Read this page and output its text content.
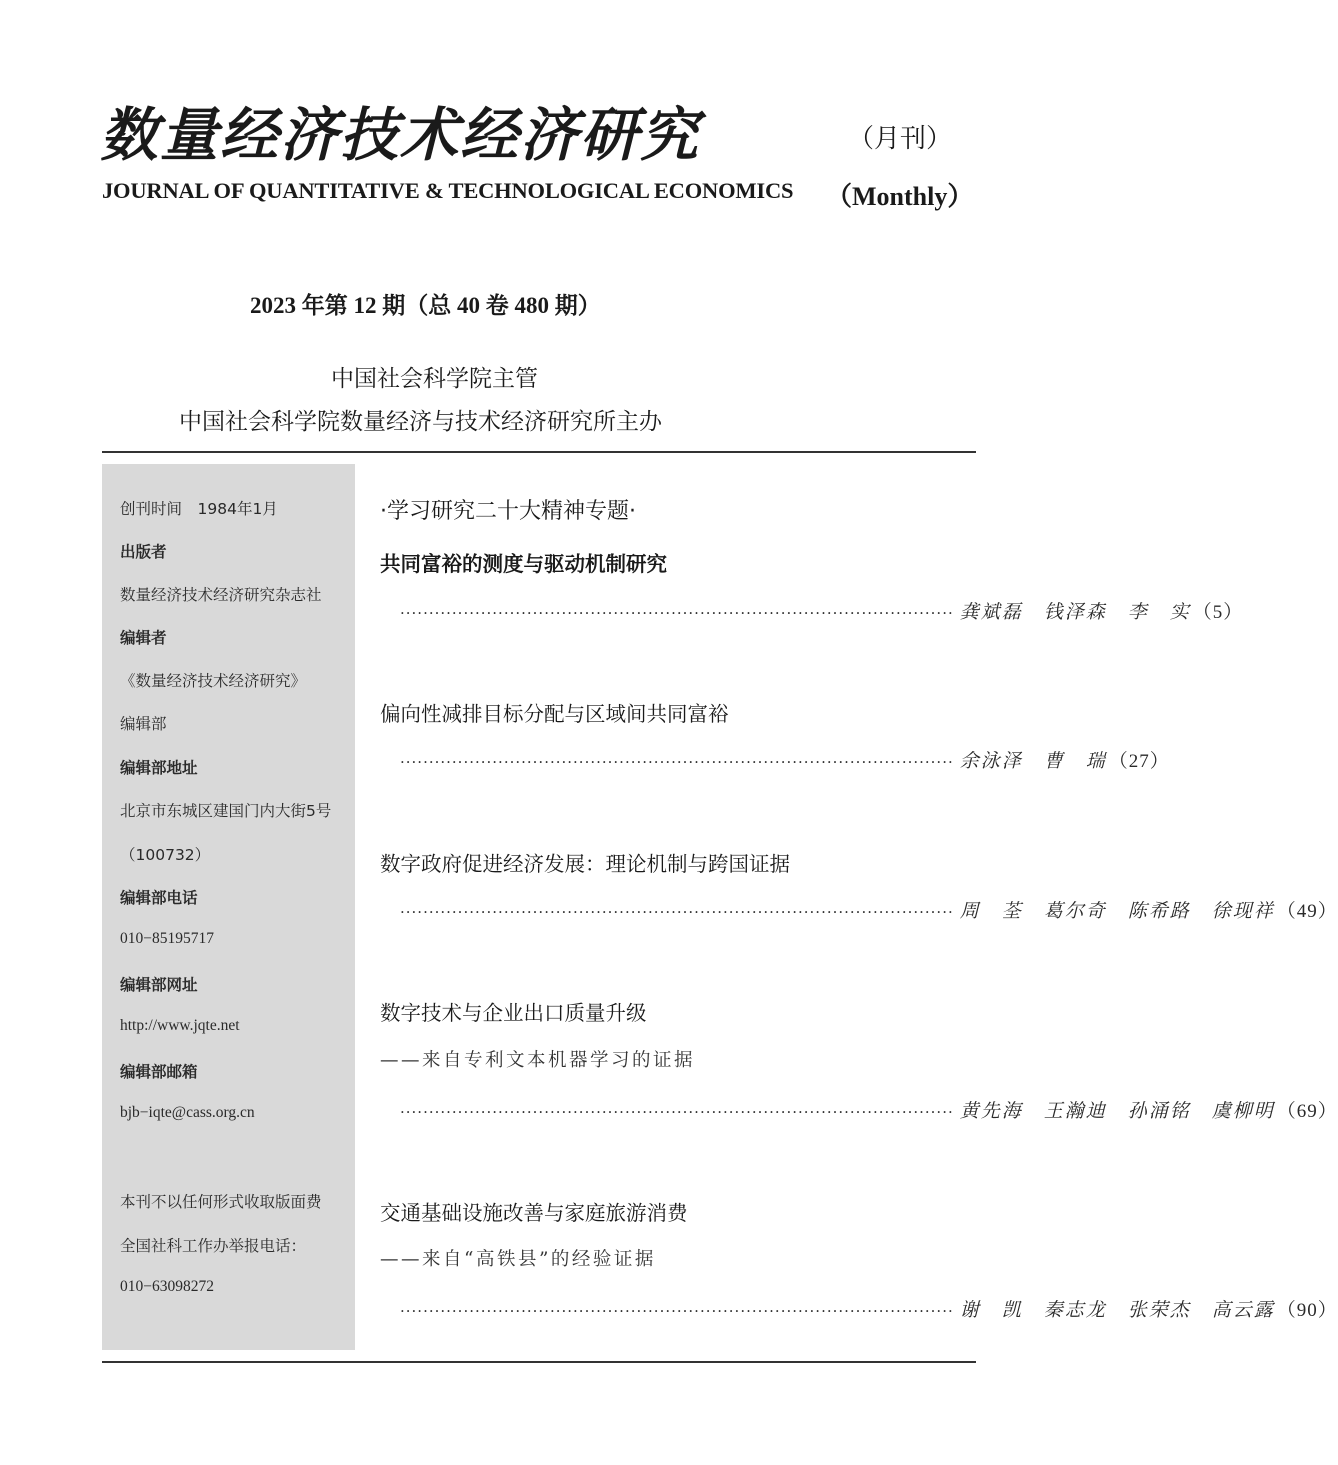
数量经济技术经济研究	（月刊）
JOURNAL OF QUANTITATIVE & TECHNOLOGICAL ECONOMICS （Monthly）
2023 年第 12 期（总 40 卷 480 期）
中国社会科学院主管
中国社会科学院数量经济与技术经济研究所主办
创刊时间　1984年1月
出版者
数量经济技术经济研究杂志社
编辑者
《数量经济技术经济研究》
编辑部
编辑部地址
北京市东城区建国门内大街5号
（100732）
编辑部电话
010−85195717
编辑部网址
http://www.jqte.net
编辑部邮箱
bjb−iqte@cass.org.cn
本刊不以任何形式收取版面费
全国社科工作办举报电话：
010−63098272
·学习研究二十大精神专题·
共同富裕的测度与驱动机制研究
································································································ 龚斌磊　钱泽森　李　实 （5）
偏向性减排目标分配与区域间共同富裕
································································································ 余泳泽　曹　瑞 （27）
数字政府促进经济发展：理论机制与跨国证据
································································································ 周　荃　葛尔奇　陈希路　徐现祥 （49）
数字技术与企业出口质量升级
——来自专利文本机器学习的证据
································································································ 黄先海　王瀚迪　孙涌铭　虞柳明 （69）
交通基础设施改善与家庭旅游消费
——来自“高铁县”的经验证据
································································································ 谢　凯　秦志龙　张荣杰　高云露 （90）
